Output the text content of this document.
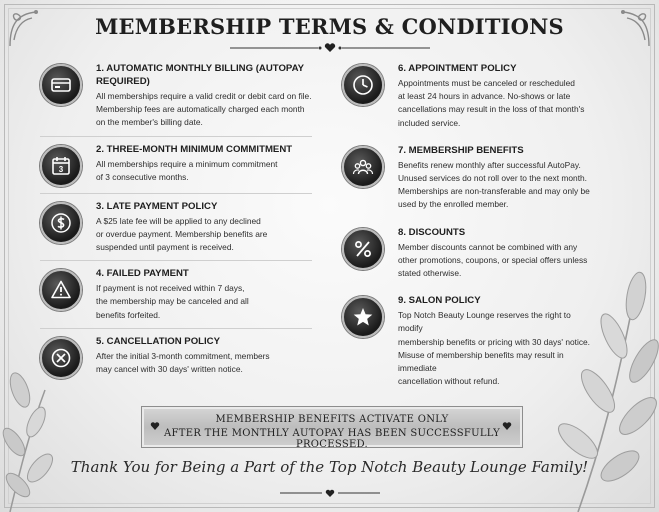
MEMBERSHIP TERMS & CONDITIONS
1. AUTOMATIC MONTHLY BILLING (AUTOPAY REQUIRED)
All memberships require a valid credit or debit card on file.
Membership fees are automatically charged each month
on the member's billing date.
3
2. THREE-MONTH MINIMUM COMMITMENT
All memberships require a minimum commitment
of 3 consecutive months.
3. LATE PAYMENT POLICY
A $25 late fee will be applied to any declined
or overdue payment. Membership benefits are
suspended until payment is received.
4. FAILED PAYMENT
If payment is not received within 7 days,
the membership may be canceled and all
benefits forfeited.
5. CANCELLATION POLICY
After the initial 3-month commitment, members
may cancel with 30 days' written notice.
6. APPOINTMENT POLICY
Appointments must be canceled or rescheduled
at least 24 hours in advance. No-shows or late
cancellations may result in the loss of that month's
included service.
7. MEMBERSHIP BENEFITS
Benefits renew monthly after successful AutoPay.
Unused services do not roll over to the next month.
Memberships are non-transferable and may only be
used by the enrolled member.
8. DISCOUNTS
Member discounts cannot be combined with any
other promotions, coupons, or special offers unless
stated otherwise.
9. SALON POLICY
Top Notch Beauty Lounge reserves the right to modify
membership benefits or pricing with 30 days' notice.
Misuse of membership benefits may result in immediate
cancellation without refund.
MEMBERSHIP BENEFITS ACTIVATE ONLY
AFTER THE MONTHLY AUTOPAY HAS BEEN SUCCESSFULLY PROCESSED.
Thank You for Being a Part of the Top Notch Beauty Lounge Family!
